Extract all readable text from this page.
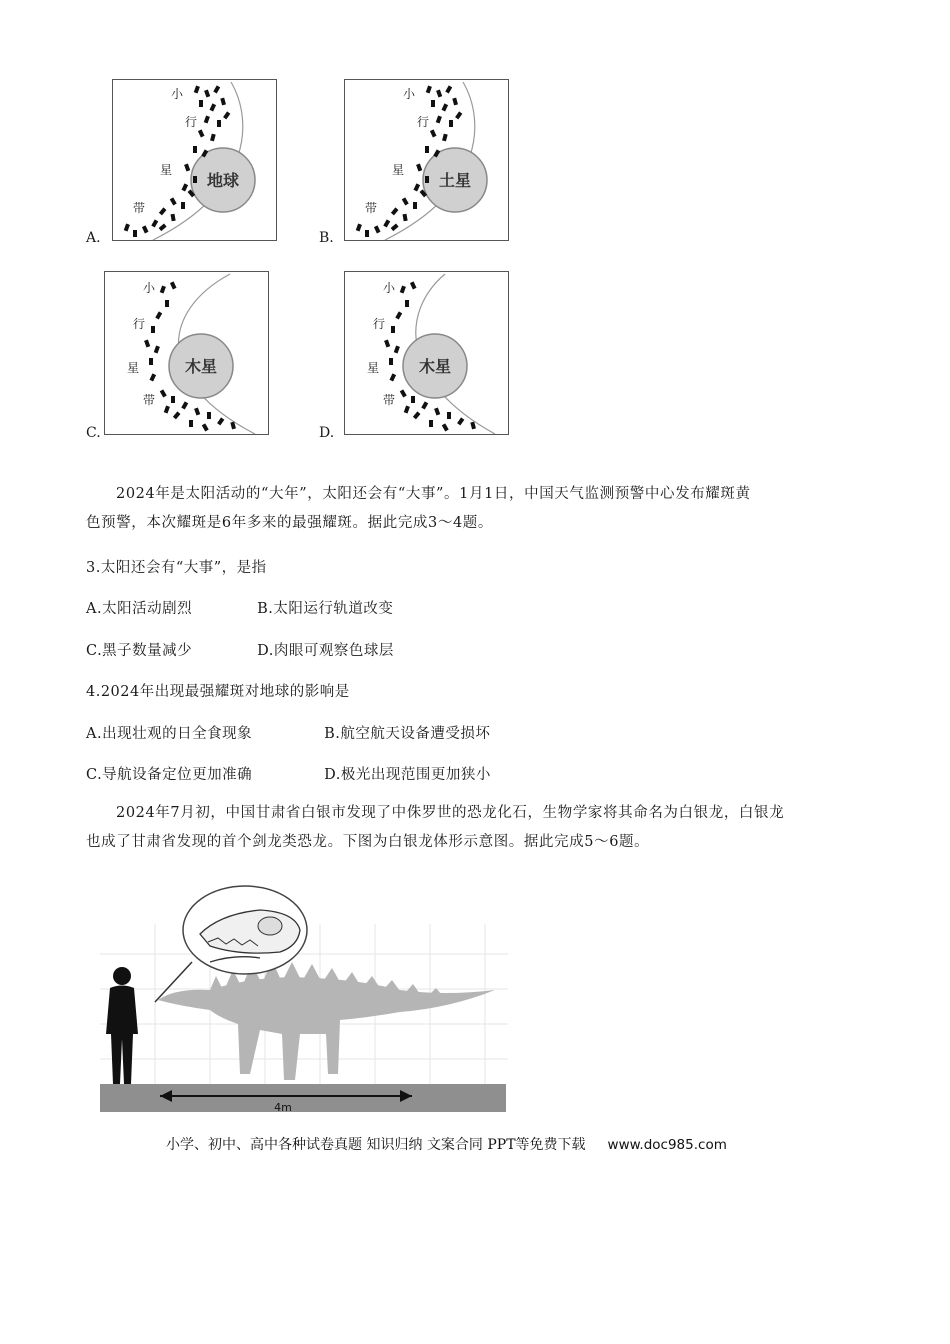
地球
小
行
星
带
A.
土星
小
行
星
带
B.
木星
小
行
星
带
C.
木星
小
行
星
带
D.
2024年是太阳活动的“大年”，太阳还会有“大事”。1月1日，中国天气监测预警中心发布耀斑黄
色预警，本次耀斑是6年多来的最强耀斑。据此完成3～4题。
3.太阳还会有“大事”，是指
A.太阳活动剧烈	B.太阳运行轨道改变
C.黑子数量减少	D.肉眼可观察色球层
4.2024年出现最强耀斑对地球的影响是
A.出现壮观的日全食现象	B.航空航天设备遭受损坏
C.导航设备定位更加准确	D.极光出现范围更加狭小
2024年7月初，中国甘肃省白银市发现了中侏罗世的恐龙化石，生物学家将其命名为白银龙，白银龙
也成了甘肃省发现的首个剑龙类恐龙。下图为白银龙体形示意图。据此完成5～6题。
4m
小学、初中、高中各种试卷真题 知识归纳 文案合同 PPT等免费下载 www.doc985.com
